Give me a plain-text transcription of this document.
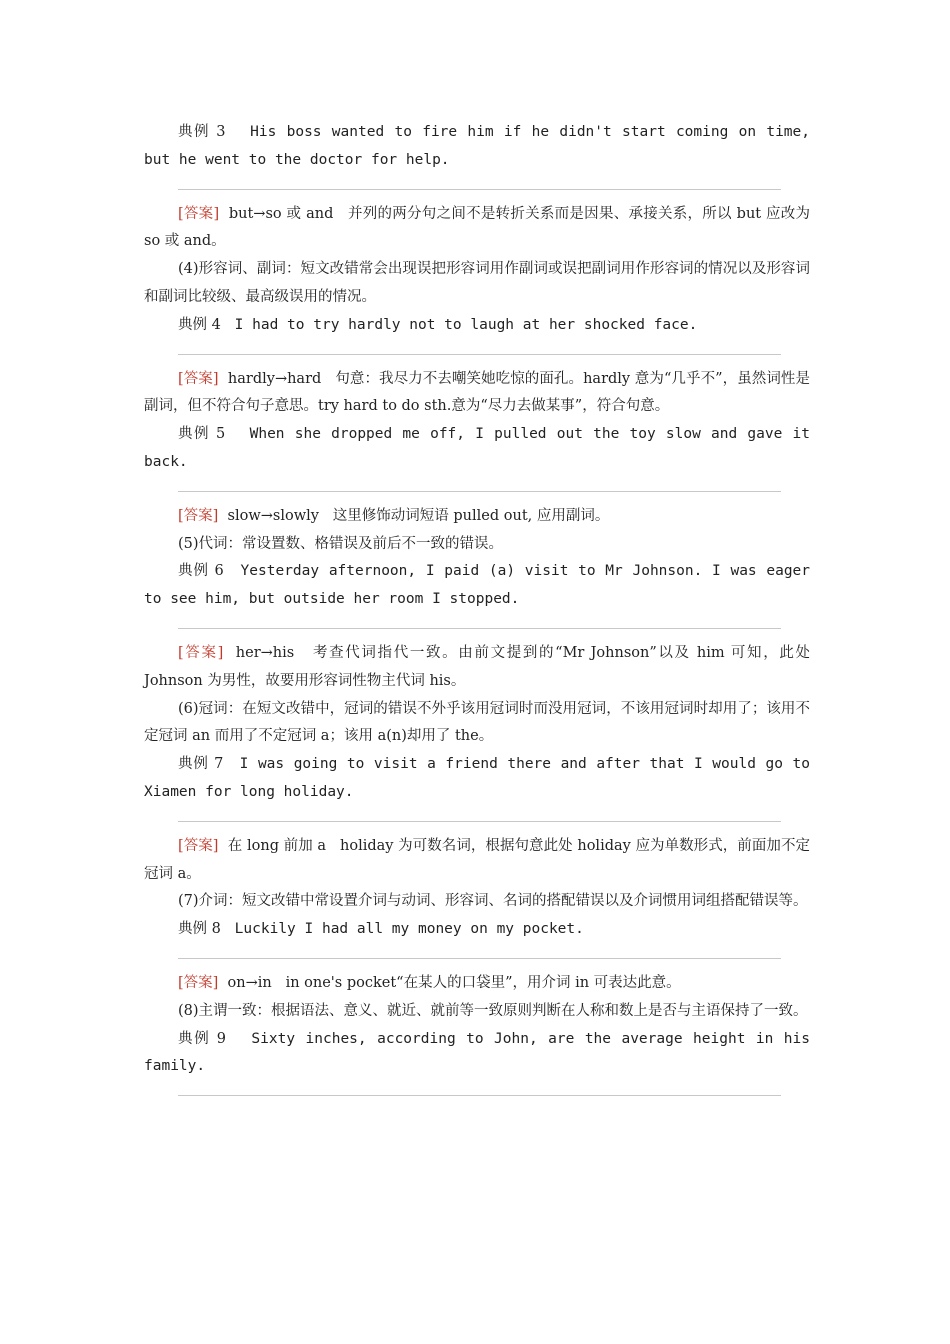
典例 3 His boss wanted to fire him if he didn't start coming on time, but he went to the doctor for help.

[答案] but→so 或 and   并列的两分句之间不是转折关系而是因果、承接关系，所以 but 应改为 so 或 and。

(4)形容词、副词：短文改错常会出现误把形容词用作副词或误把副词用作形容词的情况以及形容词和副词比较级、最高级误用的情况。

典例 4 I had to try hardly not to laugh at her shocked face.

[答案] hardly→hard   句意：我尽力不去嘲笑她吃惊的面孔。hardly 意为“几乎不”，虽然词性是副词，但不符合句子意思。try hard to do sth.意为“尽力去做某事”，符合句意。

典例 5 When she dropped me off, I pulled out the toy slow and gave it back.

[答案] slow→slowly   这里修饰动词短语 pulled out, 应用副词。

(5)代词：常设置数、格错误及前后不一致的错误。

典例 6 Yesterday afternoon, I paid (a) visit to Mr Johnson. I was eager to see him, but outside her room I stopped.

[答案] her→his   考查代词指代一致。由前文提到的“Mr Johnson”以及 him 可知，此处 Johnson 为男性，故要用形容词性物主代词 his。

(6)冠词：在短文改错中，冠词的错误不外乎该用冠词时而没用冠词，不该用冠词时却用了；该用不定冠词 an 而用了不定冠词 a；该用 a(n)却用了 the。

典例 7 I was going to visit a friend there and after that I would go to Xiamen for long holiday.

[答案] 在 long 前加 a   holiday 为可数名词，根据句意此处 holiday 应为单数形式，前面加不定冠词 a。

(7)介词：短文改错中常设置介词与动词、形容词、名词的搭配错误以及介词惯用词组搭配错误等。

典例 8 Luckily I had all my money on my pocket.

[答案] on→in   in one's pocket“在某人的口袋里”，用介词 in 可表达此意。

(8)主谓一致：根据语法、意义、就近、就前等一致原则判断在人称和数上是否与主语保持了一致。

典例 9 Sixty inches, according to John, are the average height in his family.
